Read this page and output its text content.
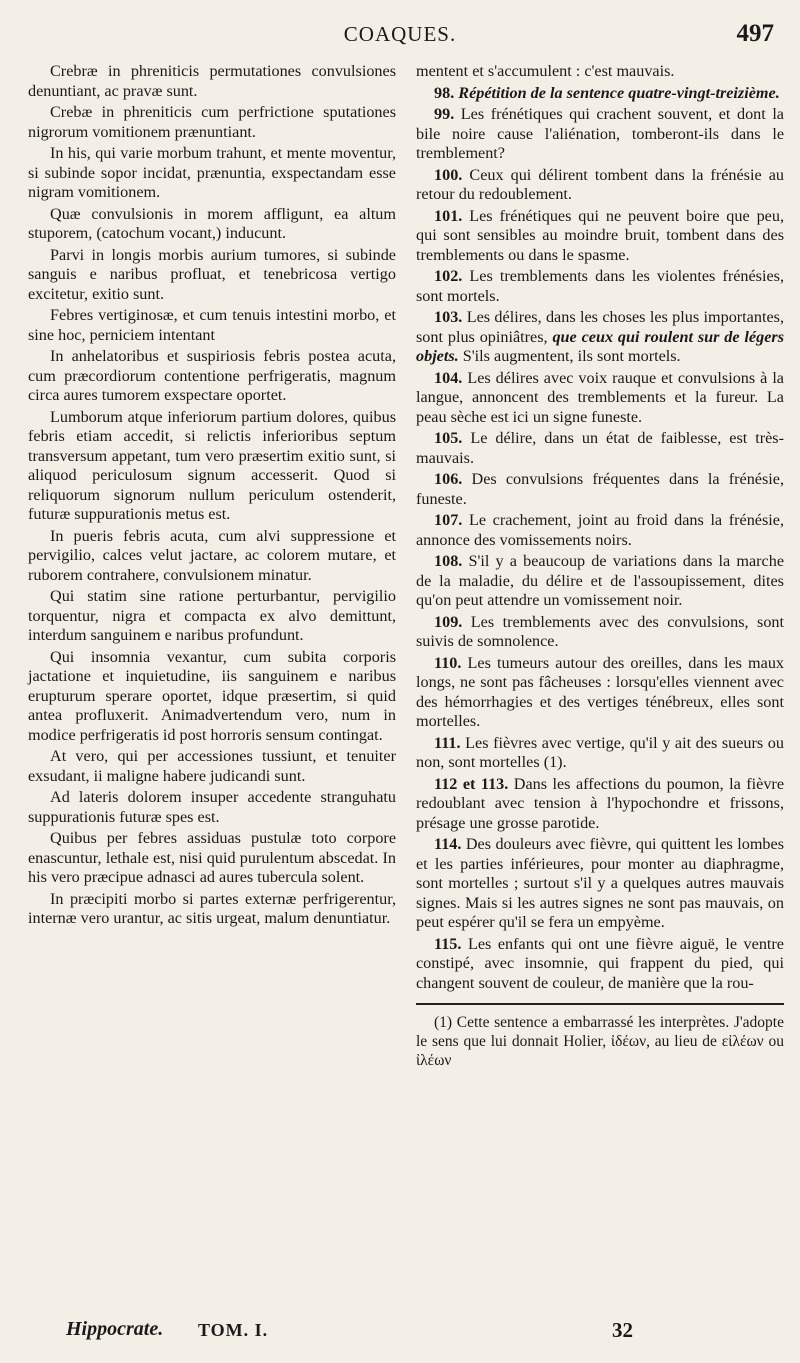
COAQUES.	497

Crebræ in phreniticis permutationes convulsiones denuntiant, ac pravæ sunt.

Crebæ in phreniticis cum perfrictione sputationes nigrorum vomitionem prænuntiant.

In his, qui varie morbum trahunt, et mente moventur, si subinde sopor incidat, prænuntia, exspectandam esse nigram vomitionem.

Quæ convulsionis in morem affligunt, ea altum stuporem, (catochum vocant,) inducunt.

Parvi in longis morbis aurium tumores, si subinde sanguis e naribus profluat, et tenebricosa vertigo excitetur, exitio sunt.

Febres vertiginosæ, et cum tenuis intestini morbo, et sine hoc, perniciem intentant

In anhelatoribus et suspiriosis febris postea acuta, cum præcordiorum contentione perfrigeratis, magnum circa aures tumorem exspectare oportet.

Lumborum atque inferiorum partium dolores, quibus febris etiam accedit, si relictis inferioribus septum transversum appetant, tum vero præsertim exitio sunt, si aliquod periculosum signum accesserit. Quod si reliquorum signorum nullum periculum ostenderit, futuræ suppurationis metus est.

In pueris febris acuta, cum alvi suppressione et pervigilio, calces velut jactare, ac colorem mutare, et ruborem contrahere, convulsionem minatur.

Qui statim sine ratione perturbantur, pervigilio torquentur, nigra et compacta ex alvo demittunt, interdum sanguinem e naribus profundunt.

Qui insomnia vexantur, cum subita corporis jactatione et inquietudine, iis sanguinem e naribus erupturum sperare oportet, idque præsertim, si quid antea profluxerit. Animadvertendum vero, num in modice perfrigeratis id post horroris sensum contingat.

At vero, qui per accessiones tussiunt, et tenuiter exsudant, ii maligne habere judicandi sunt.

Ad lateris dolorem insuper accedente stranguhatu suppurationis futuræ spes est.

Quibus per febres assiduas pustulæ toto corpore enascuntur, lethale est, nisi quid purulentum abscedat. In his vero præcipue adnasci ad aures tubercula solent.

In præcipiti morbo si partes externæ perfrigerentur, internæ vero urantur, ac sitis urgeat, malum denuntiatur.

mentent et s'accumulent : c'est mauvais.

98. Répétition de la sentence quatre-vingt-treizième.

99. Les frénétiques qui crachent souvent, et dont la bile noire cause l'aliénation, tomberont-ils dans le tremblement?

100. Ceux qui délirent tombent dans la frénésie au retour du redoublement.

101. Les frénétiques qui ne peuvent boire que peu, qui sont sensibles au moindre bruit, tombent dans des tremblements ou dans le spasme.

102. Les tremblements dans les violentes frénésies, sont mortels.

103. Les délires, dans les choses les plus importantes, sont plus opiniâtres, que ceux qui roulent sur de légers objets. S'ils augmentent, ils sont mortels.

104. Les délires avec voix rauque et convulsions à la langue, annoncent des tremblements et la fureur. La peau sèche est ici un signe funeste.

105. Le délire, dans un état de faiblesse, est très-mauvais.

106. Des convulsions fréquentes dans la frénésie, funeste.

107. Le crachement, joint au froid dans la frénésie, annonce des vomissements noirs.

108. S'il y a beaucoup de variations dans la marche de la maladie, du délire et de l'assoupissement, dites qu'on peut attendre un vomissement noir.

109. Les tremblements avec des convulsions, sont suivis de somnolence.

110. Les tumeurs autour des oreilles, dans les maux longs, ne sont pas fâcheuses : lorsqu'elles viennent avec des hémorrhagies et des vertiges ténébreux, elles sont mortelles.

111. Les fièvres avec vertige, qu'il y ait des sueurs ou non, sont mortelles (1).

112 et 113. Dans les affections du poumon, la fièvre redoublant avec tension à l'hypochondre et frissons, présage une grosse parotide.

114. Des douleurs avec fièvre, qui quittent les lombes et les parties inférieures, pour monter au diaphragme, sont mortelles ; surtout s'il y a quelques autres mauvais signes. Mais si les autres signes ne sont pas mauvais, on peut espérer qu'il se fera un empyème.

115. Les enfants qui ont une fièvre aiguë, le ventre constipé, avec insomnie, qui frappent du pied, qui changent souvent de couleur, de manière que la rou-

(1) Cette sentence a embarrassé les interprètes. J'adopte le sens que lui donnait Holier, ἰδέων, au lieu de εἰλέων ou ἰλέων

Hippocrate. TOM. I.	32
